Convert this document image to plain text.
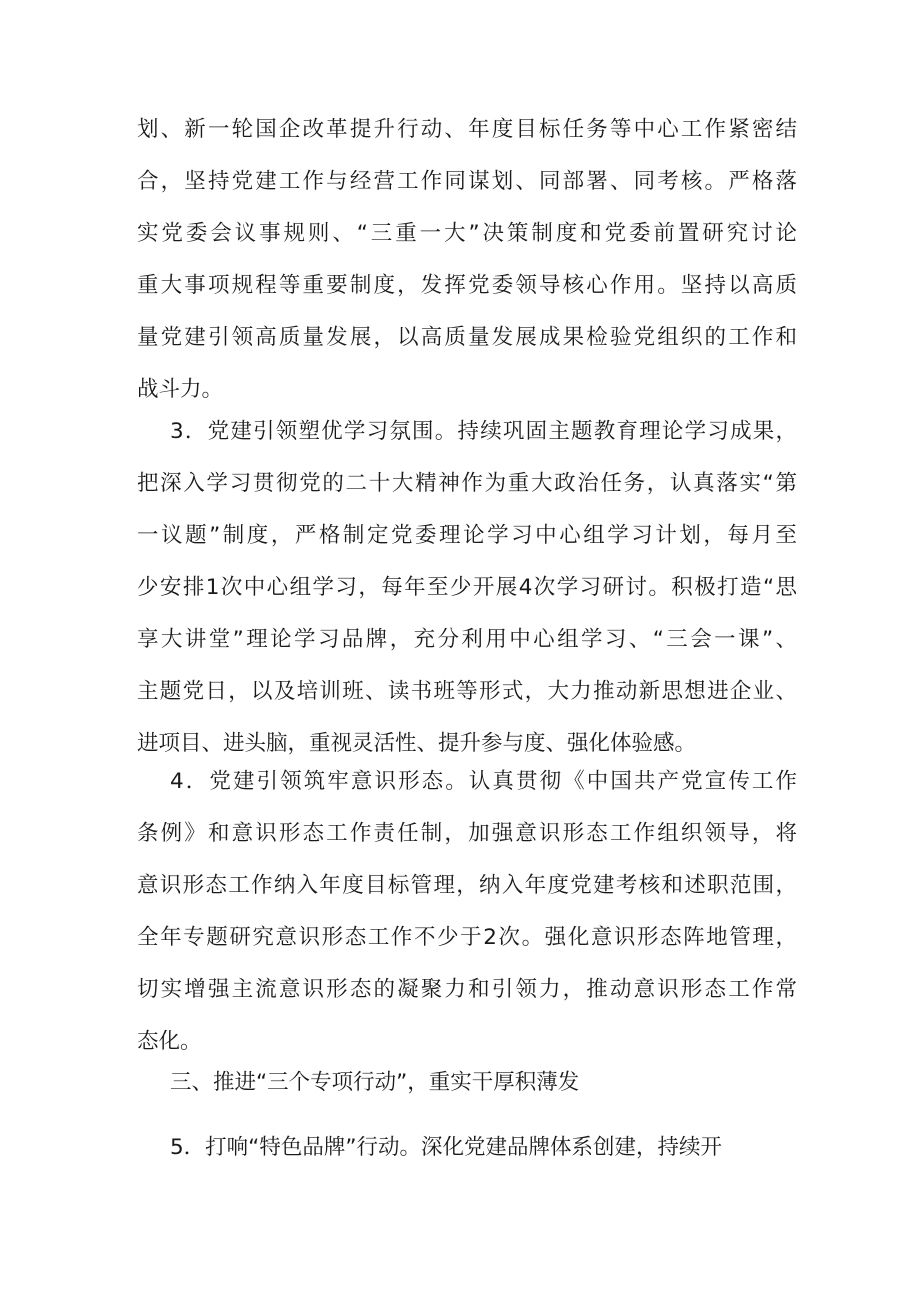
划、新一轮国企改革提升行动、年度目标任务等中心工作紧密结
合，坚持党建工作与经营工作同谋划、同部署、同考核。严格落
实党委会议事规则、“三重一大”决策制度和党委前置研究讨论
重大事项规程等重要制度，发挥党委领导核心作用。坚持以高质
量党建引领高质量发展，以高质量发展成果检验党组织的工作和
战斗力。
3．党建引领塑优学习氛围。持续巩固主题教育理论学习成果，
把深入学习贯彻党的二十大精神作为重大政治任务，认真落实“第
一议题”制度，严格制定党委理论学习中心组学习计划，每月至
少安排1次中心组学习，每年至少开展4次学习研讨。积极打造“思
享大讲堂”理论学习品牌，充分利用中心组学习、“三会一课”、
主题党日，以及培训班、读书班等形式，大力推动新思想进企业、
进项目、进头脑，重视灵活性、提升参与度、强化体验感。
4．党建引领筑牢意识形态。认真贯彻《中国共产党宣传工作
条例》和意识形态工作责任制，加强意识形态工作组织领导，将
意识形态工作纳入年度目标管理，纳入年度党建考核和述职范围，
全年专题研究意识形态工作不少于2次。强化意识形态阵地管理，
切实增强主流意识形态的凝聚力和引领力，推动意识形态工作常
态化。
三、推进“三个专项行动”，重实干厚积薄发
5．打响“特色品牌”行动。深化党建品牌体系创建，持续开
